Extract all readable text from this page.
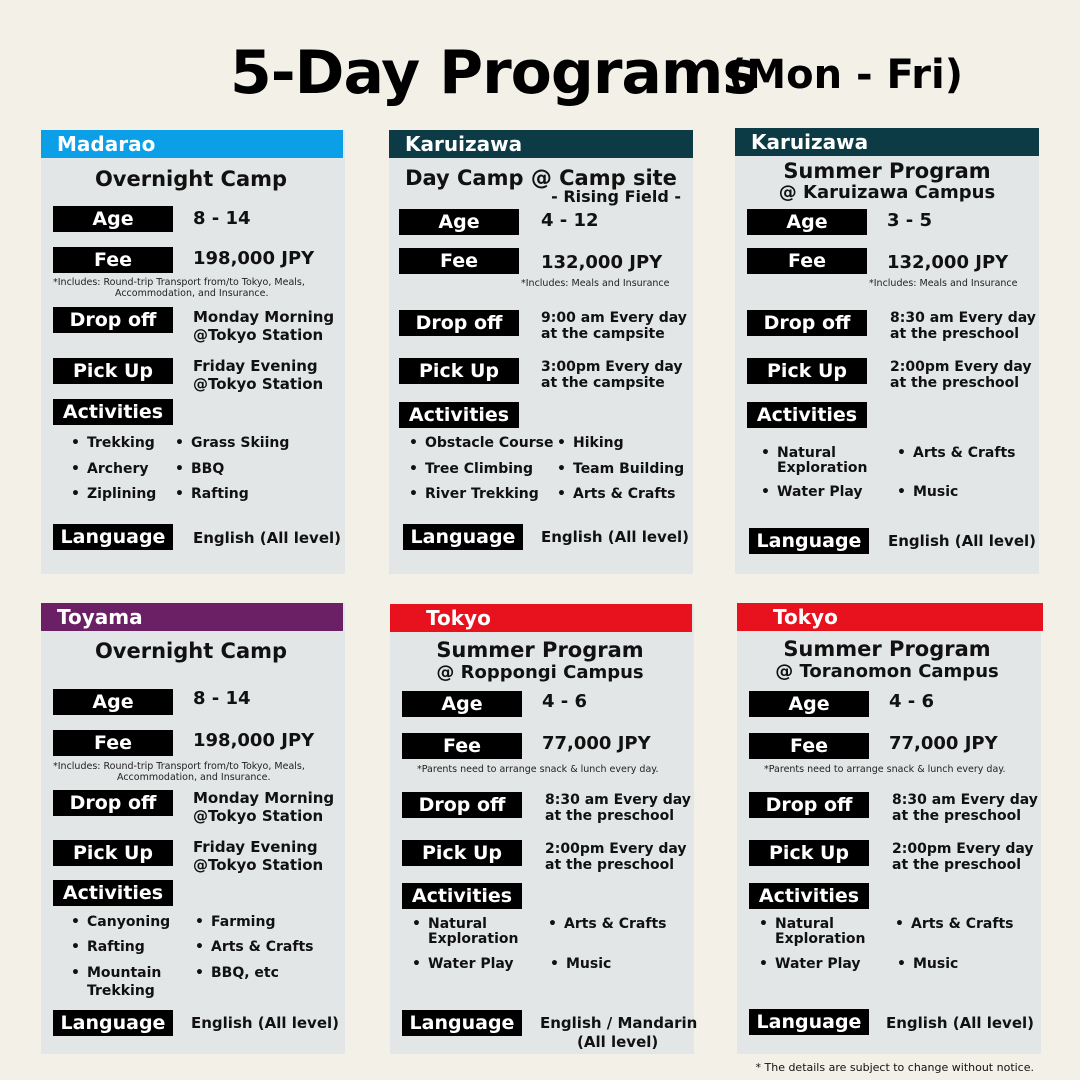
5-Day Programs
(Mon - Fri)
Madarao
Overnight Camp
Age	8 - 14
Fee	198,000 JPY
*Includes: Round-trip Transport from/to Tokyo, Meals,
Accommodation, and Insurance.
Drop off	Monday Morning
@Tokyo Station
Pick Up	Friday Evening
@Tokyo Station
Activities
• Trekking • Grass Skiing
• Archery • BBQ
• Ziplining • Rafting
Language	English (All level)
Karuizawa
Day Camp @ Camp site
- Rising Field -
Age	4 - 12
Fee	132,000 JPY
*Includes: Meals and Insurance
Drop off	9:00 am Every day
at the campsite
Pick Up	3:00pm Every day
at the campsite
Activities
• Obstacle Course • Hiking
• Tree Climbing • Team Building
• River Trekking • Arts & Crafts
Language	English (All level)
Karuizawa
Summer Program
@ Karuizawa Campus
Age	3 - 5
Fee	132,000 JPY
*Includes: Meals and Insurance
Drop off	8:30 am Every day
at the preschool
Pick Up	2:00pm Every day
at the preschool
Activities
• Natural
Exploration
• Arts & Crafts
• Water Play • Music
Language	English (All level)
Toyama
Overnight Camp
Age	8 - 14
Fee	198,000 JPY
*Includes: Round-trip Transport from/to Tokyo, Meals,
Accommodation, and Insurance.
Drop off	Monday Morning
@Tokyo Station
Pick Up	Friday Evening
@Tokyo Station
Activities
• Canyoning • Farming
• Rafting	• Arts & Crafts
• Mountain
Trekking
• BBQ, etc
Language	English (All level)
Tokyo
Summer Program
@ Roppongi Campus
Age	4 - 6
Fee	77,000 JPY
*Parents need to arrange snack & lunch every day.
Drop off	8:30 am Every day
at the preschool
Pick Up	2:00pm Every day
at the preschool
Activities
• Natural
Exploration
• Arts & Crafts
• Water Play	• Music
Language	English / Mandarin
(All level)
Tokyo
Summer Program
@ Toranomon Campus
Age	4 - 6
Fee	77,000 JPY
*Parents need to arrange snack & lunch every day.
Drop off	8:30 am Every day
at the preschool
Pick Up	2:00pm Every day
at the preschool
Activities
• Natural
Exploration
• Arts & Crafts
• Water Play	• Music
Language	English (All level)
* The details are subject to change without notice.
